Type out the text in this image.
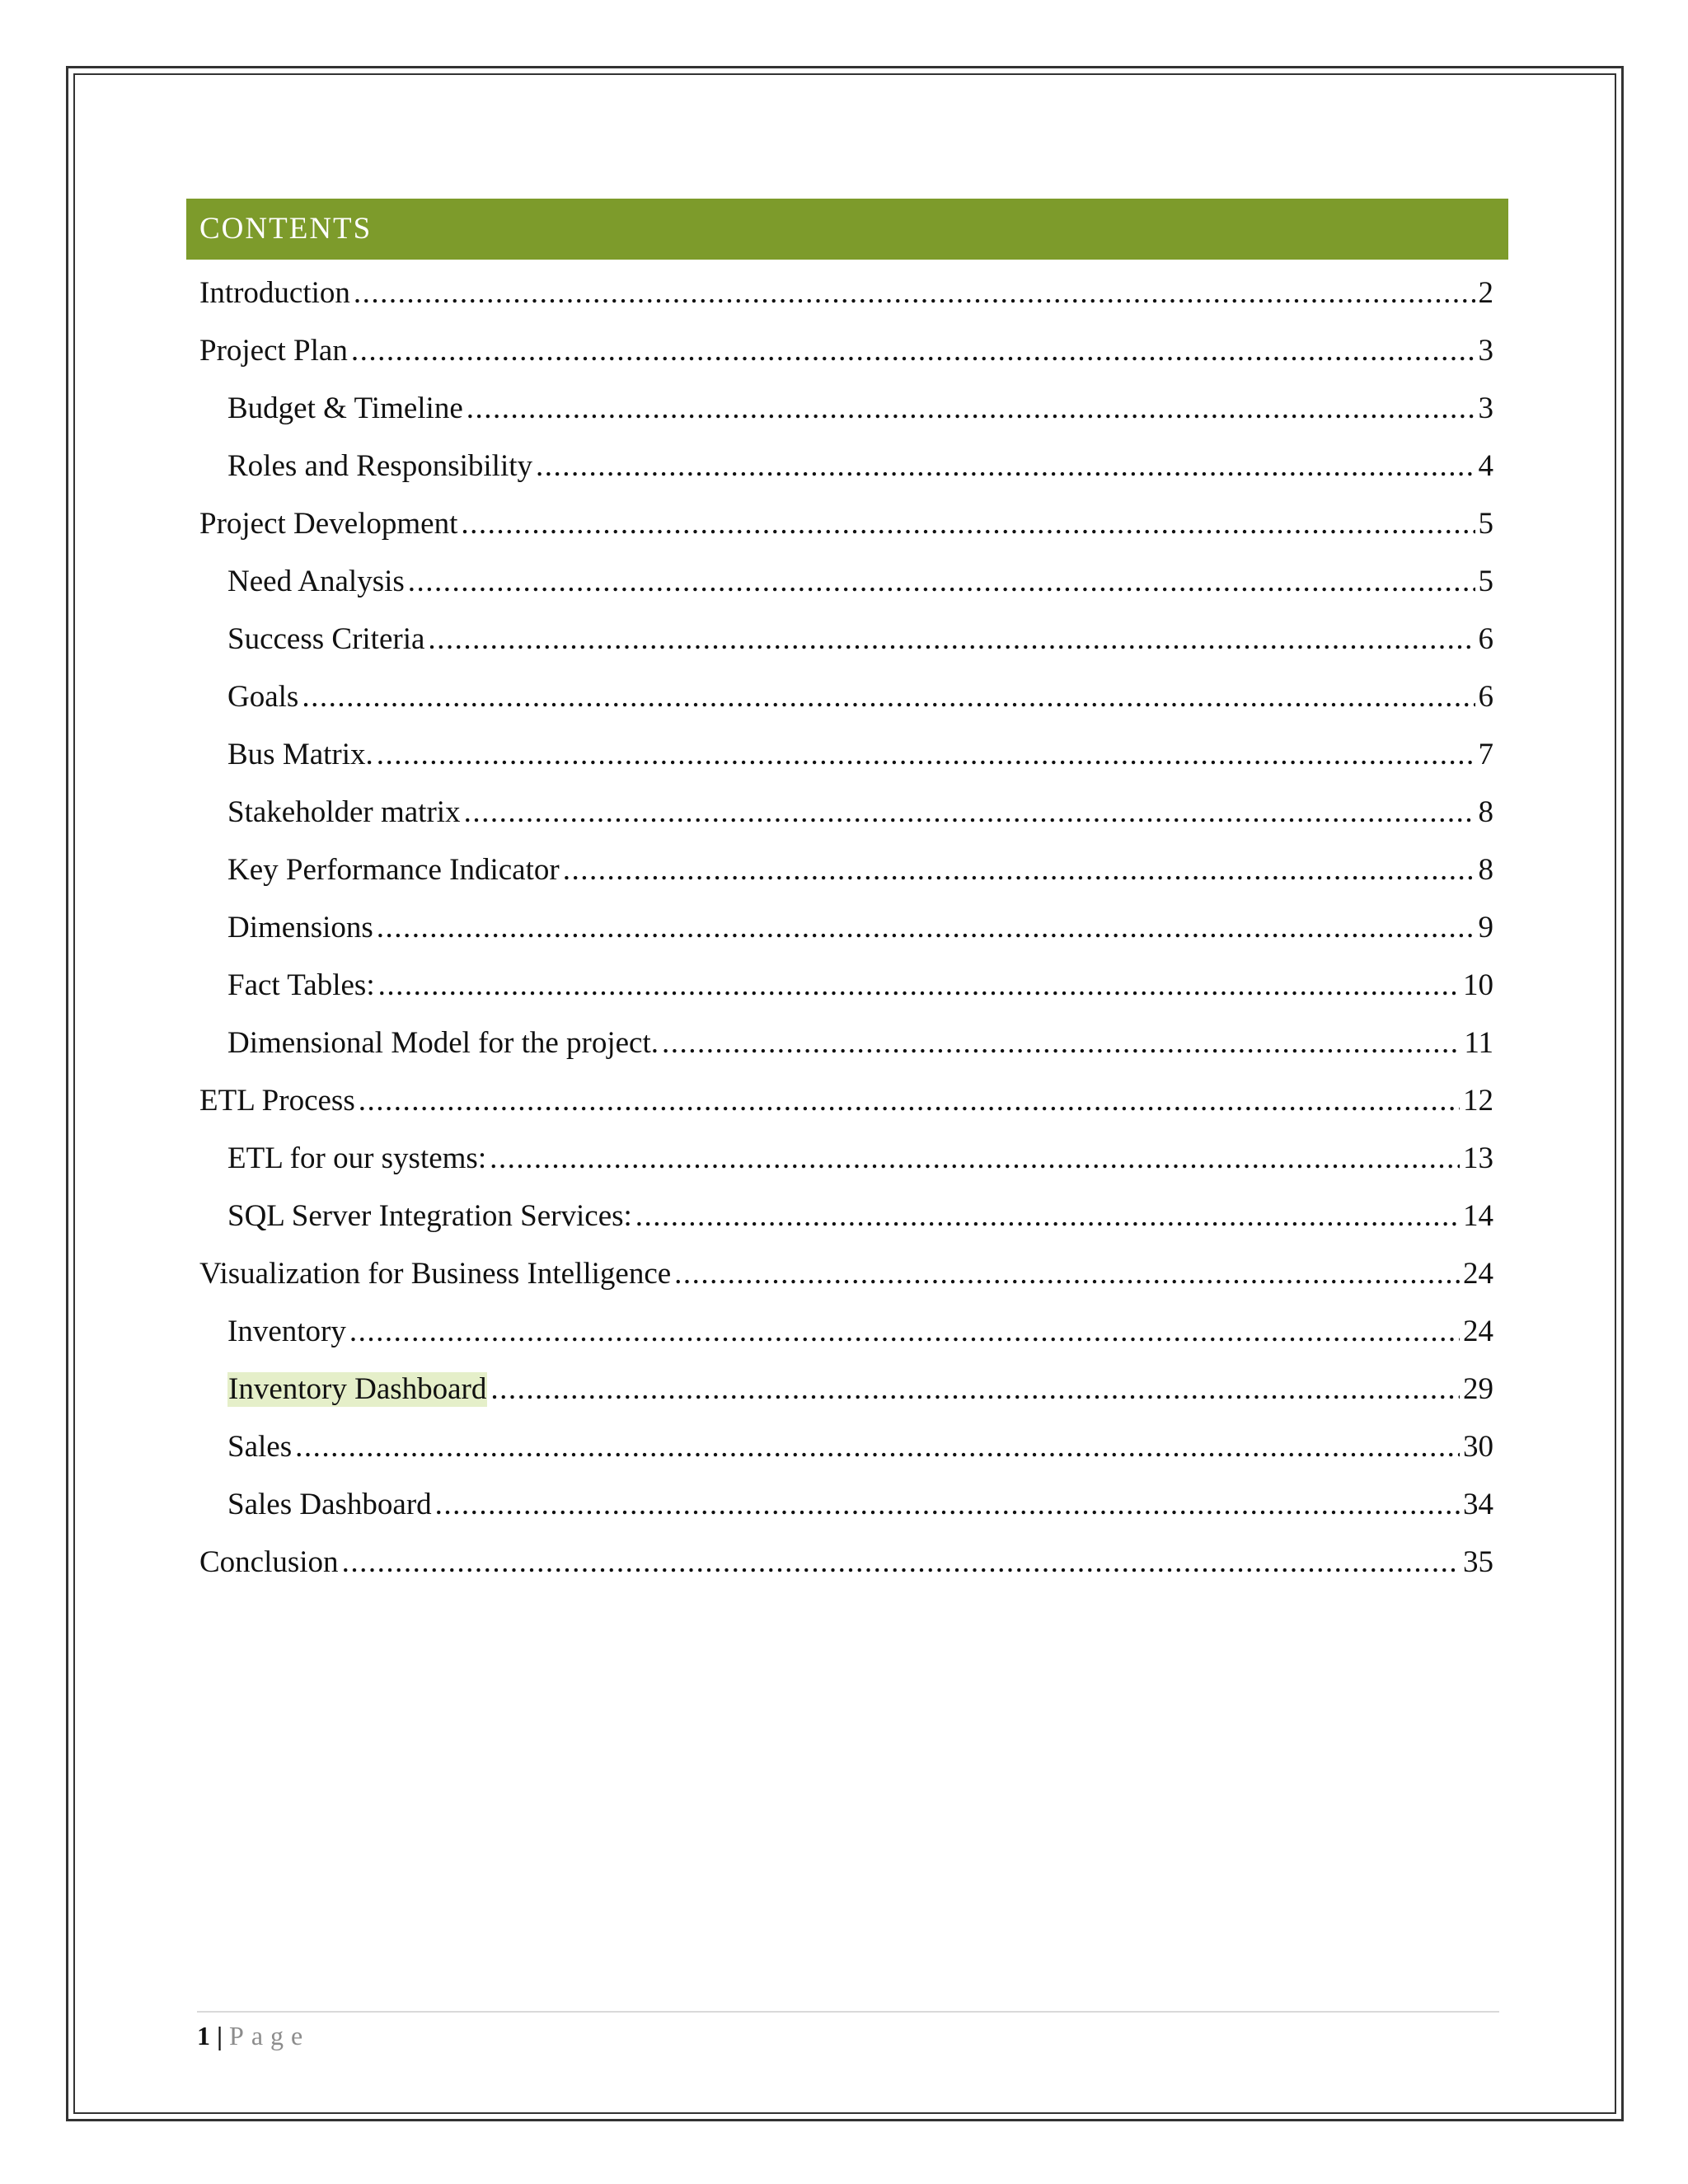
CONTENTS
Introduction .....	2
Project Plan .....	3
Budget & Timeline .....	3
Roles and Responsibility .....	4
Project Development .....	5
Need Analysis .....	5
Success Criteria .....	6
Goals .....	6
Bus Matrix. .....	7
Stakeholder matrix .....	8
Key Performance Indicator .....	8
Dimensions .....	9
Fact Tables: .....	10
Dimensional Model for the project. .....	11
ETL Process .....	12
ETL for our systems: .....	13
SQL Server Integration Services: .....	14
Visualization for Business Intelligence .....	24
Inventory .....	24
Inventory Dashboard .....	29
Sales .....	30
Sales Dashboard .....	34
Conclusion .....	35
1 | Page
